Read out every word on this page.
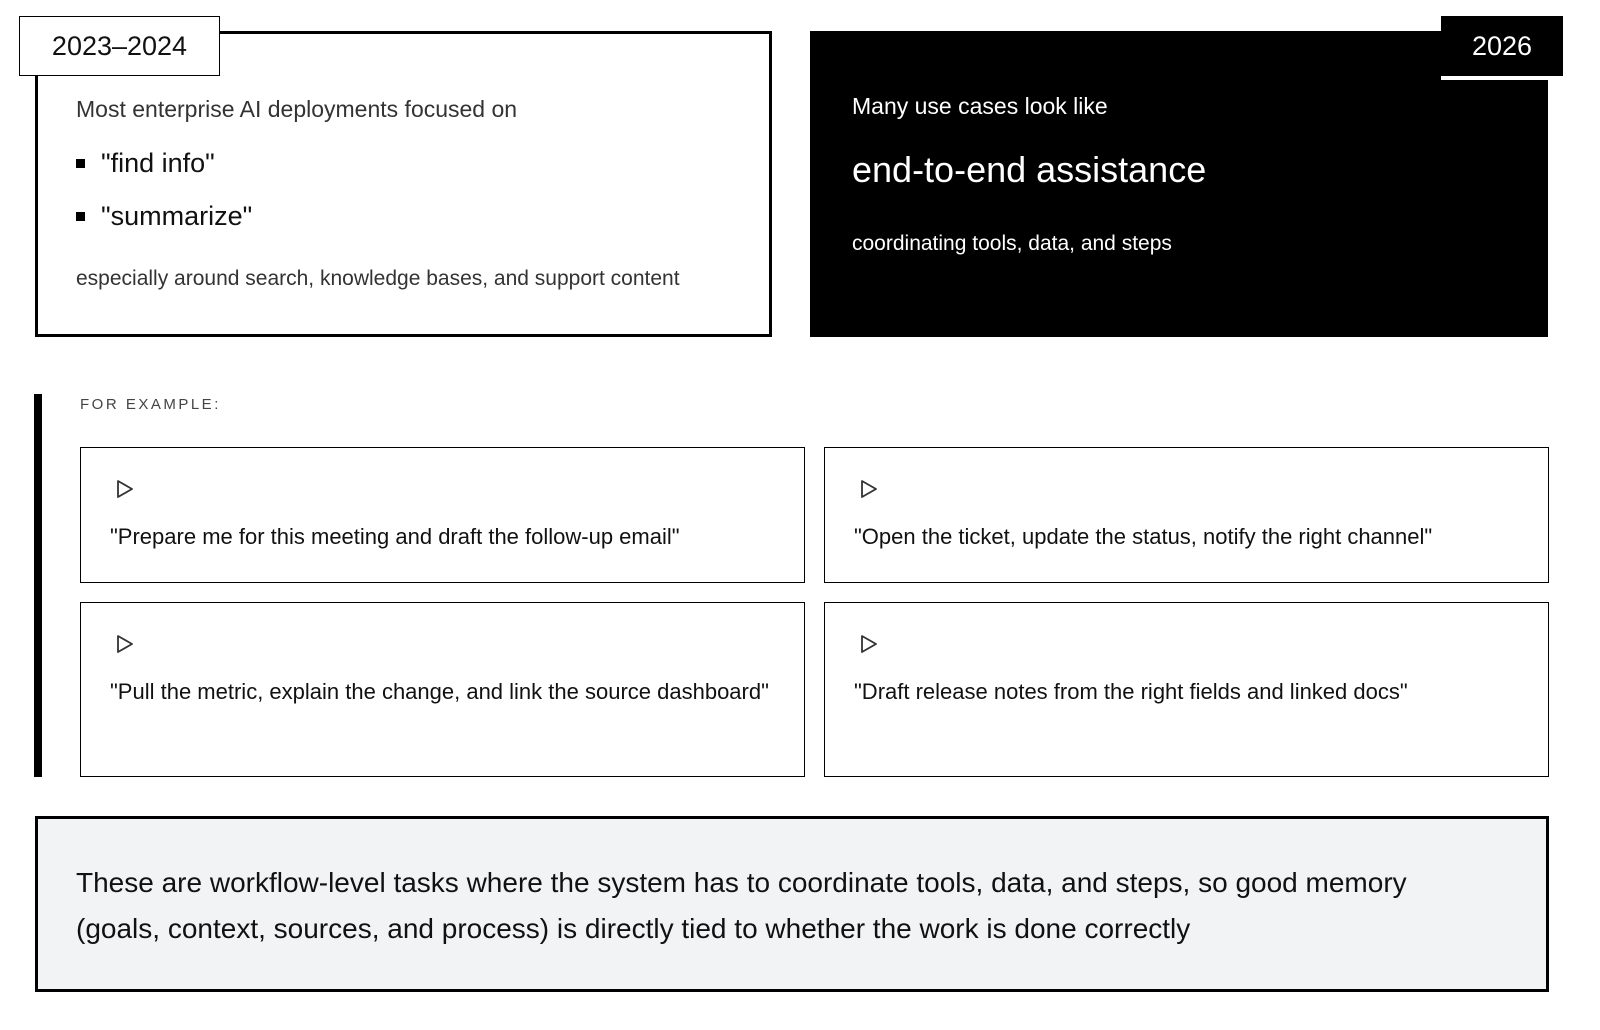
Most enterprise AI deployments focused on
"find info"
"summarize"
especially around search, knowledge bases, and support content
2023–2024
Many use cases look like
end-to-end assistance
coordinating tools, data, and steps
2026
FOR EXAMPLE:
"Prepare me for this meeting and draft the follow-up email"	"Open the ticket, update the status, notify the right channel"
"Pull the metric, explain the change, and link the source dashboard"	"Draft release notes from the right fields and linked docs"
These are workflow-level tasks where the system has to coordinate tools, data, and steps, so good memory (goals, context, sources, and process) is directly tied to whether the work is done correctly
